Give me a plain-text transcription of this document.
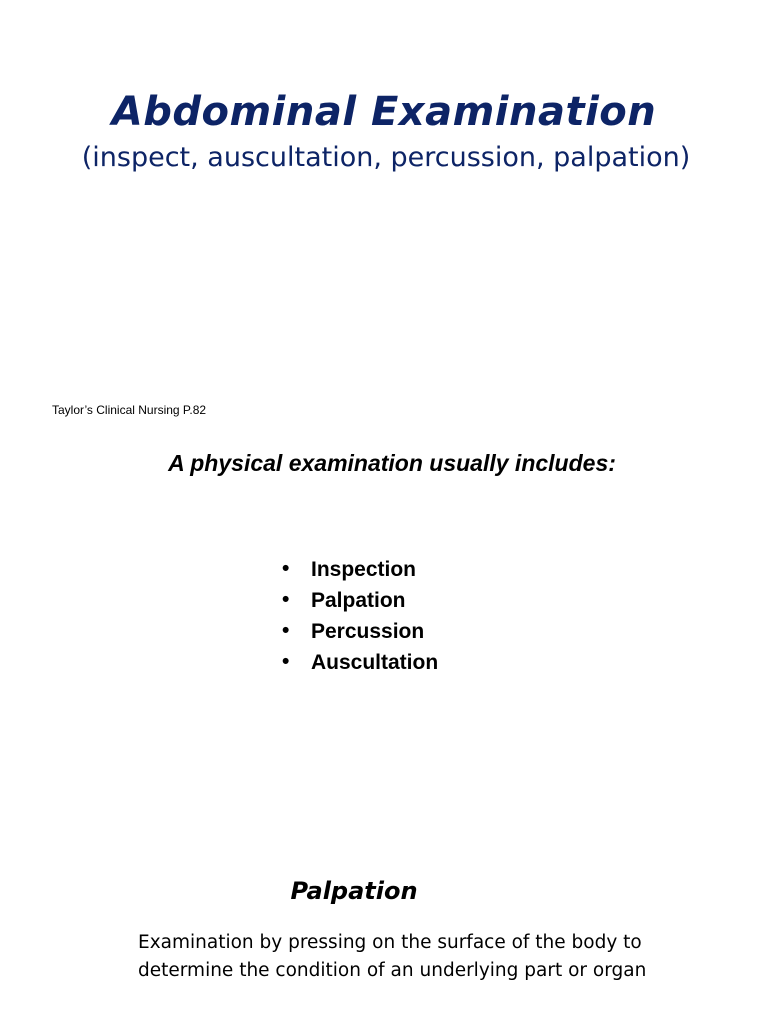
Abdominal Examination
(inspect, auscultation, percussion, palpation)
Taylor’s Clinical Nursing P.82
A physical examination usually includes:
• Inspection
• Palpation
• Percussion
• Auscultation
Palpation
Examination by pressing on the surface of the body to
determine the condition of an underlying part or organ
